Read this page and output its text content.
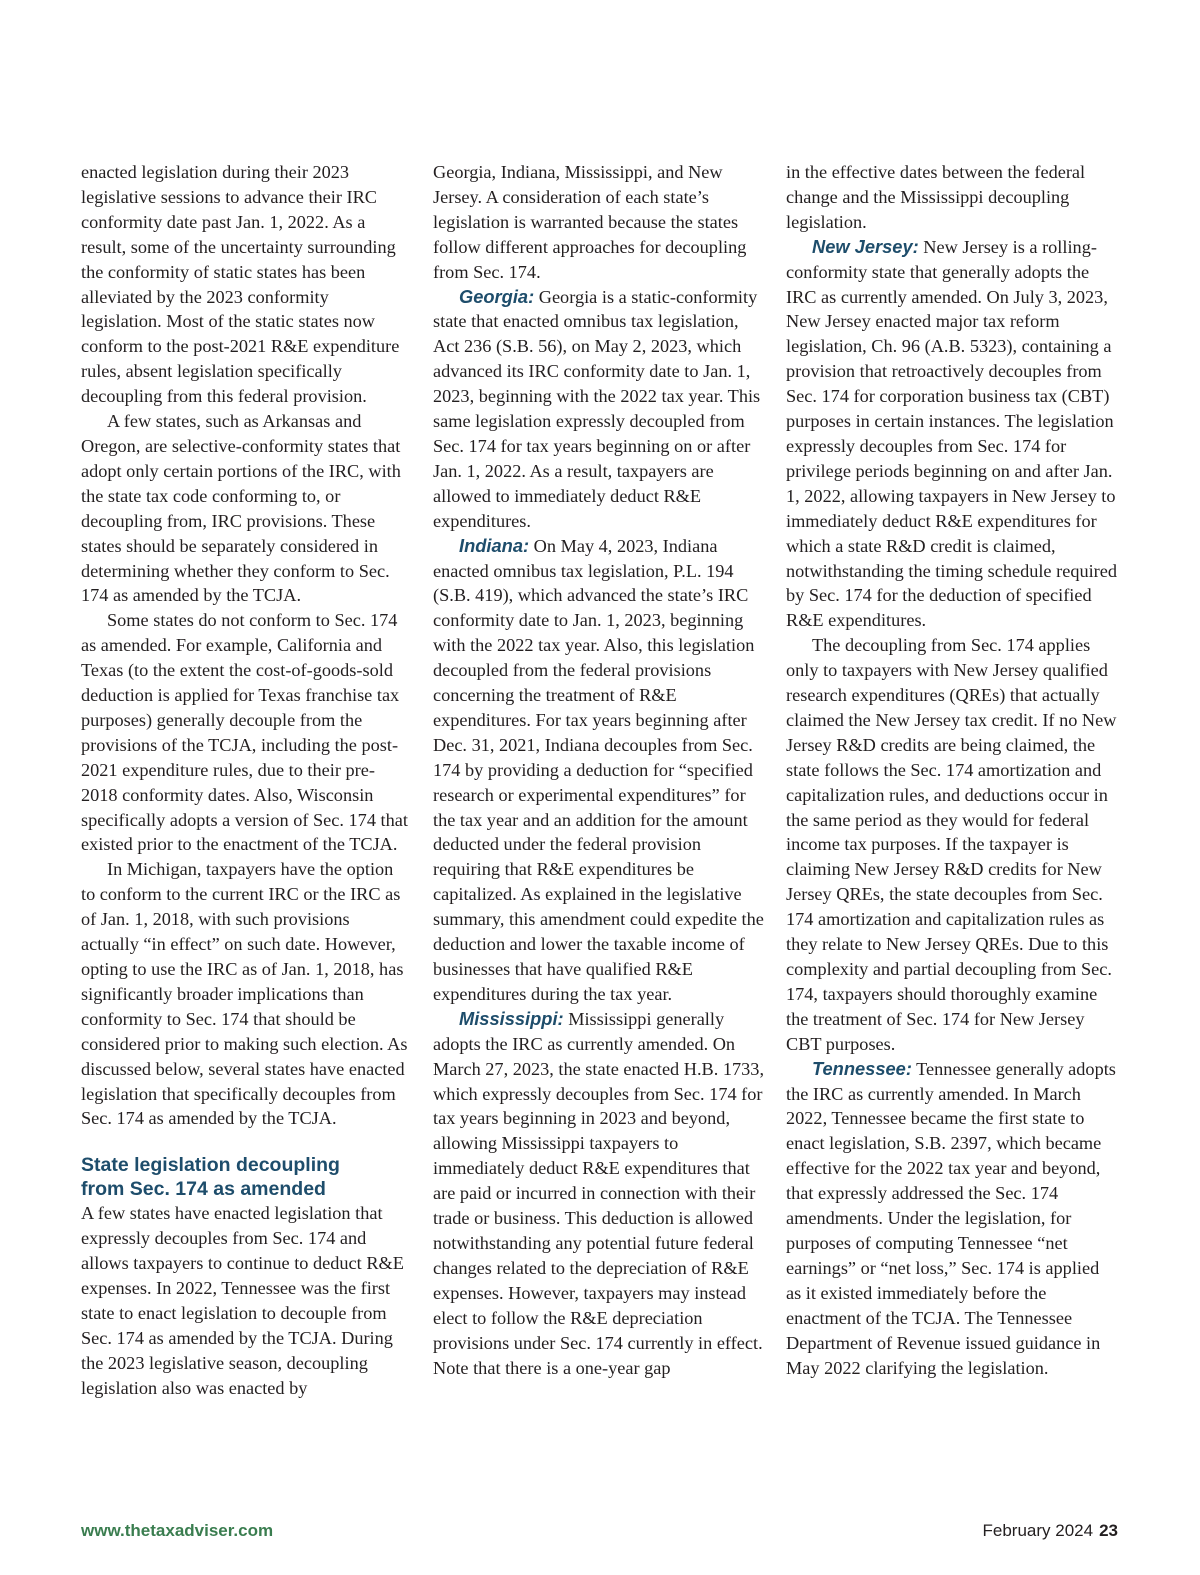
enacted legislation during their 2023 legislative sessions to advance their IRC conformity date past Jan. 1, 2022. As a result, some of the uncertainty surrounding the conformity of static states has been alleviated by the 2023 conformity legislation. Most of the static states now conform to the post-2021 R&E expenditure rules, absent legislation specifically decoupling from this federal provision.

A few states, such as Arkansas and Oregon, are selective-conformity states that adopt only certain portions of the IRC, with the state tax code conforming to, or decoupling from, IRC provisions. These states should be separately considered in determining whether they conform to Sec. 174 as amended by the TCJA.

Some states do not conform to Sec. 174 as amended. For example, California and Texas (to the extent the cost-of-goods-sold deduction is applied for Texas franchise tax purposes) generally decouple from the provisions of the TCJA, including the post-2021 expenditure rules, due to their pre-2018 conformity dates. Also, Wisconsin specifically adopts a version of Sec. 174 that existed prior to the enactment of the TCJA.

In Michigan, taxpayers have the option to conform to the current IRC or the IRC as of Jan. 1, 2018, with such provisions actually “in effect” on such date. However, opting to use the IRC as of Jan. 1, 2018, has significantly broader implications than conformity to Sec. 174 that should be considered prior to making such election. As discussed below, several states have enacted legislation that specifically decouples from Sec. 174 as amended by the TCJA.

State legislation decoupling
from Sec. 174 as amended

A few states have enacted legislation that expressly decouples from Sec. 174 and allows taxpayers to continue to deduct R&E expenses. In 2022, Tennessee was the first state to enact legislation to decouple from Sec. 174 as amended by the TCJA. During the 2023 legislative season, decoupling legislation also was enacted by

Georgia, Indiana, Mississippi, and New Jersey. A consideration of each state’s legislation is warranted because the states follow different approaches for decoupling from Sec. 174.

Georgia: Georgia is a static-conformity state that enacted omnibus tax legislation, Act 236 (S.B. 56), on May 2, 2023, which advanced its IRC conformity date to Jan. 1, 2023, beginning with the 2022 tax year. This same legislation expressly decoupled from Sec. 174 for tax years beginning on or after Jan. 1, 2022. As a result, taxpayers are allowed to immediately deduct R&E expenditures.

Indiana: On May 4, 2023, Indiana enacted omnibus tax legislation, P.L. 194 (S.B. 419), which advanced the state’s IRC conformity date to Jan. 1, 2023, beginning with the 2022 tax year. Also, this legislation decoupled from the federal provisions concerning the treatment of R&E expenditures. For tax years beginning after Dec. 31, 2021, Indiana decouples from Sec. 174 by providing a deduction for “specified research or experimental expenditures” for the tax year and an addition for the amount deducted under the federal provision requiring that R&E expenditures be capitalized. As explained in the legislative summary, this amendment could expedite the deduction and lower the taxable income of businesses that have qualified R&E expenditures during the tax year.

Mississippi: Mississippi generally adopts the IRC as currently amended. On March 27, 2023, the state enacted H.B. 1733, which expressly decouples from Sec. 174 for tax years beginning in 2023 and beyond, allowing Mississippi taxpayers to immediately deduct R&E expenditures that are paid or incurred in connection with their trade or business. This deduction is allowed notwithstanding any potential future federal changes related to the depreciation of R&E expenses. However, taxpayers may instead elect to follow the R&E depreciation provisions under Sec. 174 currently in effect. Note that there is a one-year gap

in the effective dates between the federal change and the Mississippi decoupling legislation.

New Jersey: New Jersey is a rolling-conformity state that generally adopts the IRC as currently amended. On July 3, 2023, New Jersey enacted major tax reform legislation, Ch. 96 (A.B. 5323), containing a provision that retroactively decouples from Sec. 174 for corporation business tax (CBT) purposes in certain instances. The legislation expressly decouples from Sec. 174 for privilege periods beginning on and after Jan. 1, 2022, allowing taxpayers in New Jersey to immediately deduct R&E expenditures for which a state R&D credit is claimed, notwithstanding the timing schedule required by Sec. 174 for the deduction of specified R&E expenditures.

The decoupling from Sec. 174 applies only to taxpayers with New Jersey qualified research expenditures (QREs) that actually claimed the New Jersey tax credit. If no New Jersey R&D credits are being claimed, the state follows the Sec. 174 amortization and capitalization rules, and deductions occur in the same period as they would for federal income tax purposes. If the taxpayer is claiming New Jersey R&D credits for New Jersey QREs, the state decouples from Sec. 174 amortization and capitalization rules as they relate to New Jersey QREs. Due to this complexity and partial decoupling from Sec. 174, taxpayers should thoroughly examine the treatment of Sec. 174 for New Jersey CBT purposes.

Tennessee: Tennessee generally adopts the IRC as currently amended. In March 2022, Tennessee became the first state to enact legislation, S.B. 2397, which became effective for the 2022 tax year and beyond, that expressly addressed the Sec. 174 amendments. Under the legislation, for purposes of computing Tennessee “net earnings” or “net loss,” Sec. 174 is applied as it existed immediately before the enactment of the TCJA. The Tennessee Department of Revenue issued guidance in May 2022 clarifying the legislation.

www.thetaxadviser.com	February 2024 23
